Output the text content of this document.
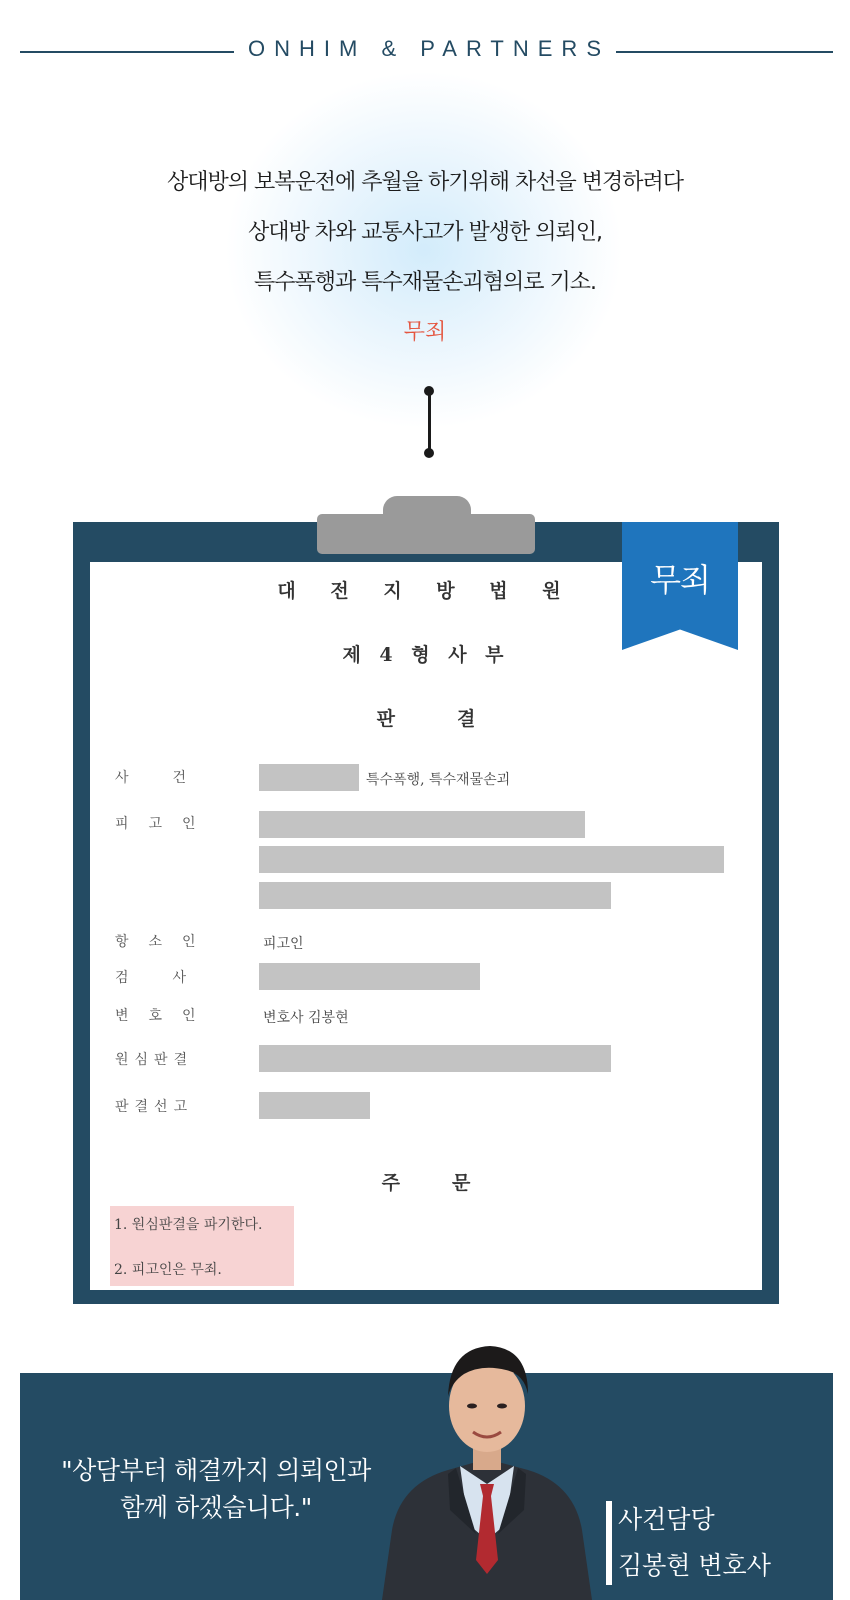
ONHIM & PARTNERS
상대방의 보복운전에 추월을 하기위해 차선을 변경하려다
상대방 차와 교통사고가 발생한 의뢰인,
특수폭행과 특수재물손괴혐의로 기소.
무죄
무죄
대 전 지 방 법 원
제 4 형 사 부
판결
사건	특수폭행, 특수재물손괴
피고인
항소인	피고인
검사
변호인	변호사 김봉현
원심판결
판결선고
주문
1. 원심판결을 파기한다.
2. 피고인은 무죄.
"상담부터 해결까지 의뢰인과
함께 하겠습니다."	사건담당
김봉현 변호사
